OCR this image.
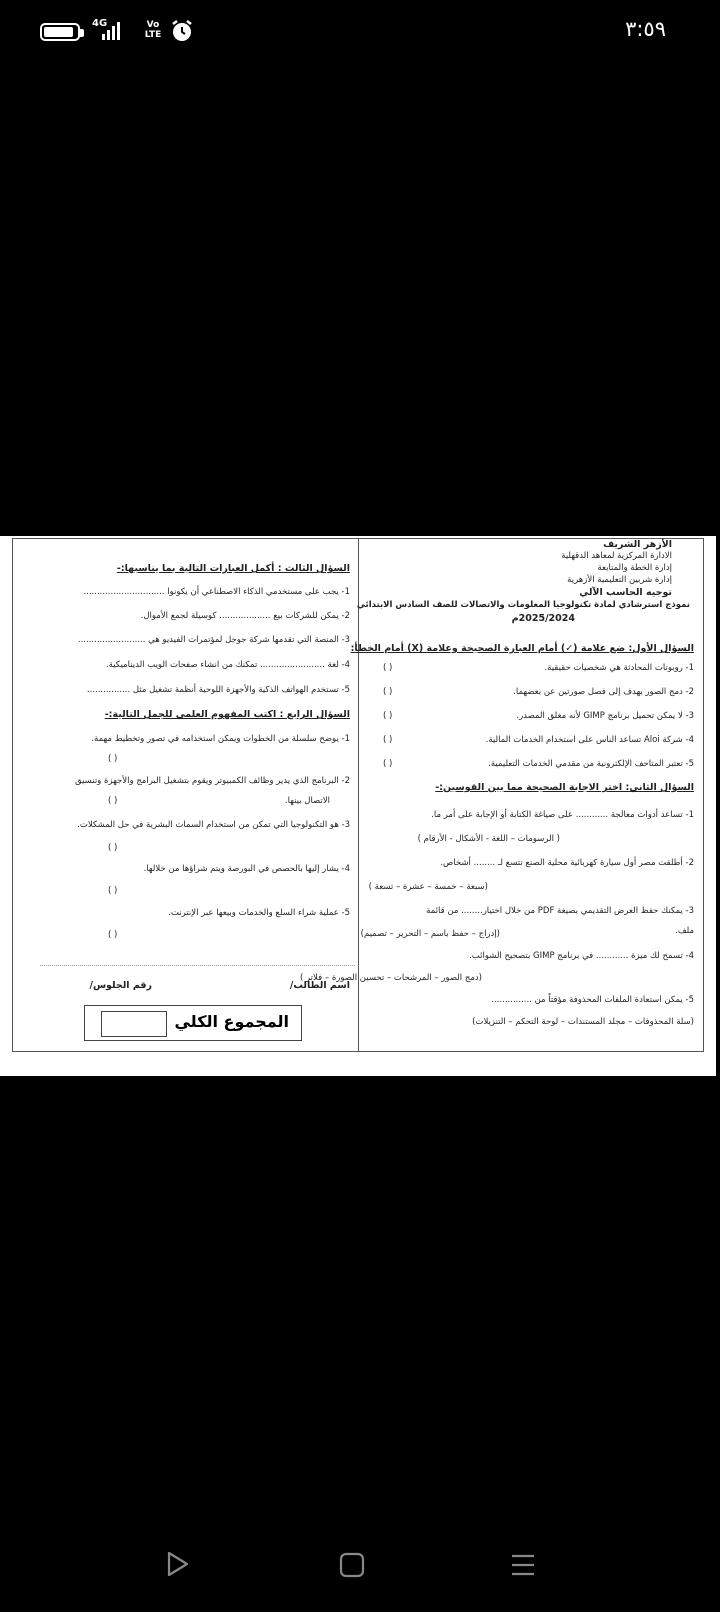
4G	Vo LTE	٣:٥٩
الأزهر الشريف
الادارة المركزية لمعاهد الدقهلية
إدارة الخطة والمتابعة
إدارة شربين التعليمية الأزهرية
توجيه الحاسب الآلي
نموذج استرشادي لمادة تكنولوجيا المعلومات والاتصالات للصف السادس الابتدائي
2025/2024م
السؤال الأول: ضع علامة (✓) أمام العبارة الصحيحة وعلامة (X) أمام الخطأ:
1- روبوتات المحادثة هي شخصيات حقيقية.
2- دمج الصور يهدف إلى فصل صورتين عن بعضهما.
3- لا يمكن تحميل برنامج GIMP لأنه مغلق المصدر.
4- شركة Aloi تساعد الناس على استخدام الخدمات المالية.
5- تعتبر المتاحف الإلكترونية من مقدمي الخدمات التعليمية.
( )
( )
( )
( )
( )
السؤال الثاني: اختر الاجابة الصحيحة مما بين القوسين:-
1- تساعد أدوات معالجة ............ على صياغة الكتابة أو الإجابة على أمر ما.
( الرسومات – اللغة - الأشكال - الأرقام )
2- أطلقت مصر أول سيارة كهربائية محلية الصنع تتسع لـ ........ أشخاص.
(سبعة – خمسة – عشرة – تسعة )
3- يمكنك حفظ العرض التقديمي بصيغة PDF من خلال اختيار........ من قائمة
ملف.
(إدراج – حفظ باسم – التحرير – تصميم)
4- تسمح لك ميزة ............ في برنامج GIMP بتصحيح الشوائب.
(دمج الصور – المرشحات – تحسين الصورة – فلاتر )
5- يمكن استعادة الملفات المحذوفة مؤقتاً من ...............
(سلة المحذوفات – مجلد المستندات – لوحة التحكم – التنزيلات)
السؤال الثالث : أكمل العبارات التالية بما يناسبها:-
1- يجب على مستخدمي الذكاء الاصطناعي أن يكونوا ..............................
2- يمكن للشركات بيع ................... كوسيلة لجمع الأموال.
3- المنصة التي تقدمها شركة جوجل لمؤتمرات الفيديو هي .........................
4- لغة ........................ تمكنك من انشاء صفحات الويب الديناميكية.
5- تستخدم الهواتف الذكية والأجهزة اللوحية أنظمة تشغيل مثل ................
السؤال الرابع : اكتب المفهوم العلمي للجمل التالية:-
1- يوضح سلسلة من الخطوات ويمكن استخدامه في تصور وتخطيط مهمة.
( )
2- البرنامج الذي يدير وظائف الكمبيوتر ويقوم بتشغيل البرامج والأجهزة وتنسيق
الاتصال بينها.
( )
3- هو التكنولوجيا التي تمكن من استخدام السمات البشرية في حل المشكلات.
( )
4- يشار إليها بالحصص في البورصة ويتم شراؤها من خلالها.
( )
5- عملية شراء السلع والخدمات وبيعها عبر الإنترنت.
( )
اسم الطالب/
رقم الجلوس/
المجموع الكلي
